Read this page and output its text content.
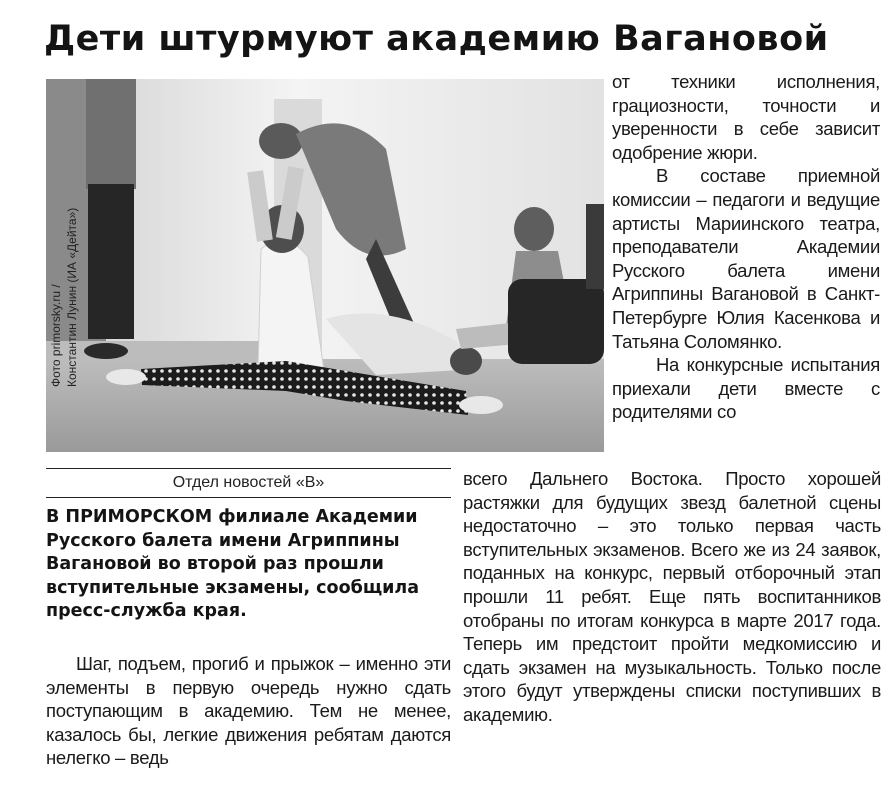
Дети штурмуют академию Вагановой
Фото primorsky.ru /
Константин Лунин (ИА «Дейта»)

от техники исполнения, грациозности, точности и уверенности в себе зависит одобрение жюри.

В составе приемной комиссии – педагоги и ведущие артисты Мариинского театра, преподаватели Академии Русского балета имени Агриппины Вагановой в Санкт-Петербурге Юлия Касенкова и Татьяна Соломянко.

На конкурсные испытания приехали дети вместе с родителями со

Отдел новостей «В»

В ПРИМОРСКОМ филиале Академии Русского балета имени Агриппины Вагановой во второй раз прошли вступительные экзамены, сообщила пресс-служба края.

Шаг, подъем, прогиб и прыжок – именно эти элементы в первую очередь нужно сдать поступающим в академию. Тем не менее, казалось бы, легкие движения ребятам даются нелегко – ведь

всего Дальнего Востока. Просто хорошей растяжки для будущих звезд балетной сцены недостаточно – это только первая часть вступительных экзаменов. Всего же из 24 заявок, поданных на конкурс, первый отборочный этап прошли 11 ребят. Еще пять воспитанников отобраны по итогам конкурса в марте 2017 года. Теперь им предстоит пройти медкомиссию и сдать экзамен на музыкальность. Только после этого будут утверждены списки поступивших в академию.
